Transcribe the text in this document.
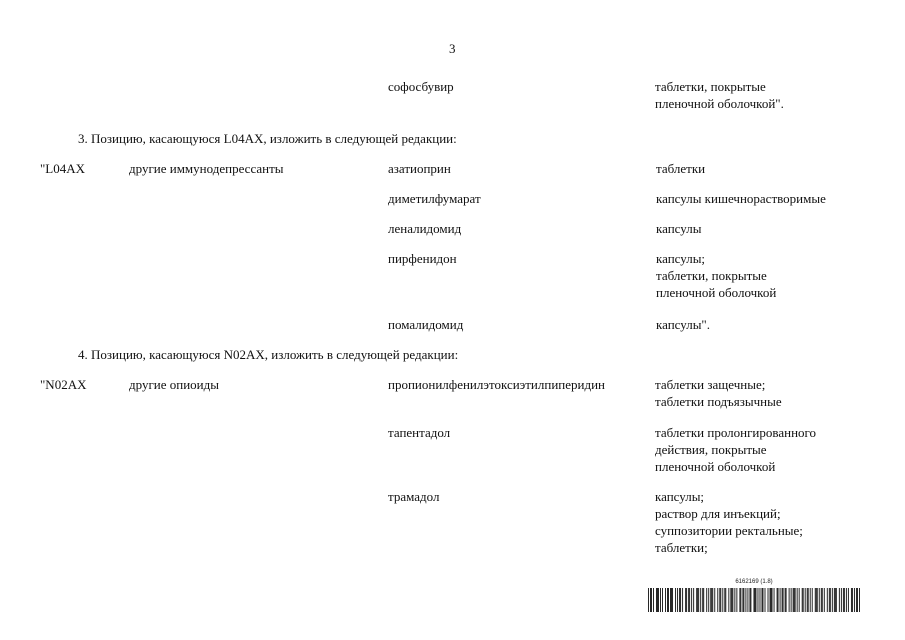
3
софосбувир	таблетки, покрытые
пленочной оболочкой".
3. Позицию, касающуюся L04AX, изложить в следующей редакции:
"L04AX	другие иммунодепрессанты	азатиоприн	таблетки
диметилфумарат	капсулы кишечнорастворимые
леналидомид	капсулы
пирфенидон	капсулы;
таблетки, покрытые
пленочной оболочкой
помалидомид	капсулы".
4. Позицию, касающуюся N02AX, изложить в следующей редакции:
"N02AX	другие опиоиды	пропионилфенилэтоксиэтилпиперидин	таблетки защечные;
таблетки подъязычные
тапентадол	таблетки пролонгированного
действия, покрытые
пленочной оболочкой
трамадол	капсулы;
раствор для инъекций;
суппозитории ректальные;
таблетки;
6162169 (1.8)
